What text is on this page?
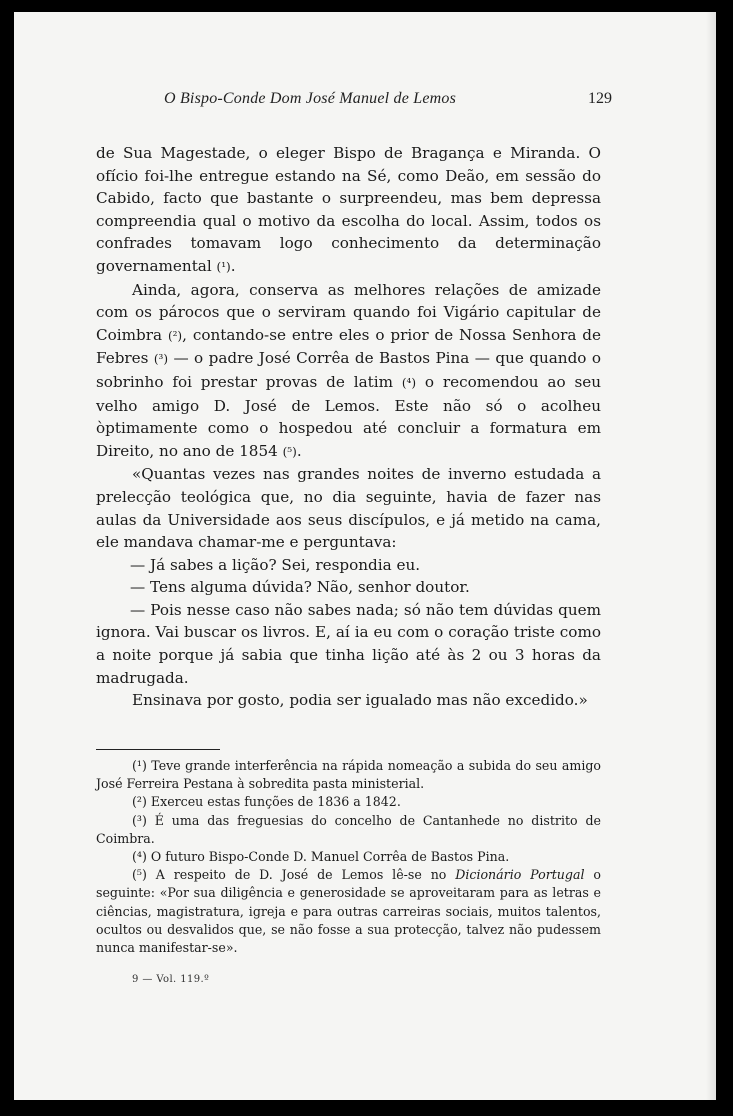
O Bispo-Conde Dom José Manuel de Lemos	129

de Sua Magestade, o eleger Bispo de Bragança e Miranda. O ofício foi-lhe entregue estando na Sé, como Deão, em sessão do Cabido, facto que bastante o surpreendeu, mas bem depressa compreendia qual o motivo da escolha do local. Assim, todos os confrades tomavam logo conhecimento da determinação governamental (¹).

Ainda, agora, conserva as melhores relações de amizade com os párocos que o serviram quando foi Vigário capitular de Coimbra (²), contando-se entre eles o prior de Nossa Senhora de Febres (³) — o padre José Corrêa de Bastos Pina — que quando o sobrinho foi prestar provas de latim (⁴) o recomendou ao seu velho amigo D. José de Lemos. Este não só o acolheu òptimamente como o hospedou até concluir a formatura em Direito, no ano de 1854 (⁵).

«Quantas vezes nas grandes noites de inverno estudada a prelecção teológica que, no dia seguinte, havia de fazer nas aulas da Universidade aos seus discípulos, e já metido na cama, ele mandava chamar-me e perguntava:

— Já sabes a lição? Sei, respondia eu.

— Tens alguma dúvida? Não, senhor doutor.

— Pois nesse caso não sabes nada; só não tem dúvidas quem ignora. Vai buscar os livros. E, aí ia eu com o coração triste como a noite porque já sabia que tinha lição até às 2 ou 3 horas da madrugada.

Ensinava por gosto, podia ser igualado mas não excedido.»

(¹) Teve grande interferência na rápida nomeação a subida do seu amigo José Ferreira Pestana à sobredita pasta ministerial.

(²) Exerceu estas funções de 1836 a 1842.

(³) É uma das freguesias do concelho de Cantanhede no distrito de Coimbra.

(⁴) O futuro Bispo-Conde D. Manuel Corrêa de Bastos Pina.

(⁵) A respeito de D. José de Lemos lê-se no Dicionário Portugal o seguinte: «Por sua diligência e generosidade se aproveitaram para as letras e ciências, magistratura, igreja e para outras carreiras sociais, muitos talentos, ocultos ou desvalidos que, se não fosse a sua protecção, talvez não pudessem nunca manifestar-se».

9 — Vol. 119.º
